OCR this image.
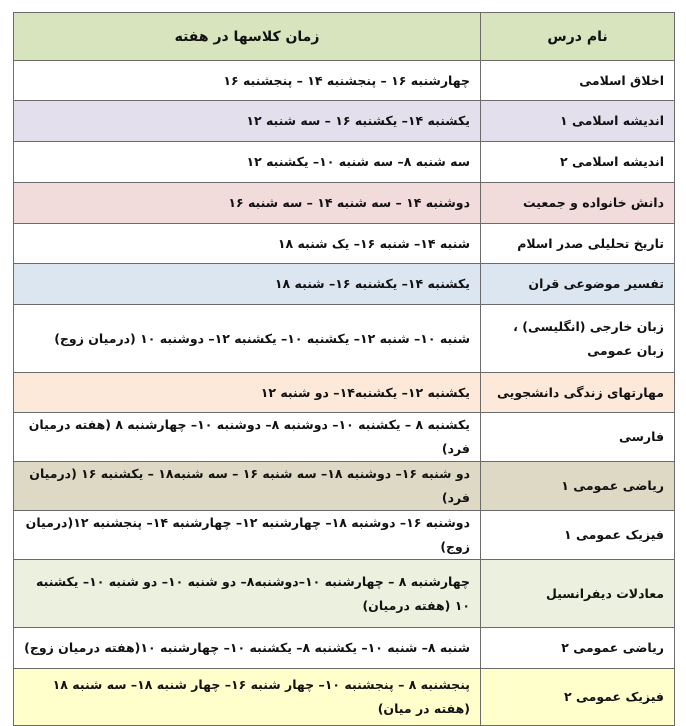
نام درس	زمان کلاسها در هفته
اخلاق اسلامی	چهارشنبه ۱۶ – پنجشنبه ۱۴ – پنجشنبه ۱۶
اندیشه اسلامی ۱	یکشنبه ۱۴– یکشنبه ۱۶ – سه شنبه ۱۲
اندیشه اسلامی ۲	سه شنبه ۸– سه شنبه ۱۰– یکشنبه ۱۲
دانش خانواده و جمعیت	دوشنبه ۱۴ – سه شنبه ۱۴ – سه شنبه ۱۶
تاریخ تحلیلی صدر اسلام	شنبه ۱۴– شنبه ۱۶– یک شنبه ۱۸
تفسیر موضوعی قران	یکشنبه ۱۴– یکشنبه ۱۶– شنبه ۱۸
زبان خارجی (انگلیسی) ، زبان عمومی	شنبه ۱۰– شنبه ۱۲– یکشنبه ۱۰– یکشنبه ۱۲– دوشنبه ۱۰ (درمیان زوج)
مهارتهای زندگی دانشجویی	یکشنبه ۱۲– یکشنبه۱۴– دو شنبه ۱۲
فارسی	یکشنبه ۸ – یکشنبه ۱۰– دوشنبه ۸– دوشنبه ۱۰– چهارشنبه ۸ (هفته درمیان فرد)
ریاضی عمومی ۱	دو شنبه ۱۶– دوشنبه ۱۸– سه شنبه ۱۶ – سه شنبه۱۸ – یکشنبه ۱۶ (درمیان فرد)
فیزیک عمومی ۱	دوشنبه ۱۶– دوشنبه ۱۸– چهارشنبه ۱۲– چهارشنبه ۱۴– پنجشنبه ۱۲(درمیان زوج)
معادلات دیفرانسیل	چهارشنبه ۸ – چهارشنبه ۱۰–دوشنبه۸– دو شنبه ۱۰– دو شنبه ۱۰– یکشنبه ۱۰ (هفته درمیان)
ریاضی عمومی ۲	شنبه ۸– شنبه ۱۰– یکشنبه ۸– یکشنبه ۱۰– چهارشنبه ۱۰(هفته درمیان زوج)
فیزیک عمومی ۲	پنجشنبه ۸ – پنجشنبه ۱۰– چهار شنبه ۱۶– چهار شنبه ۱۸– سه شنبه ۱۸ (هفته در میان)
